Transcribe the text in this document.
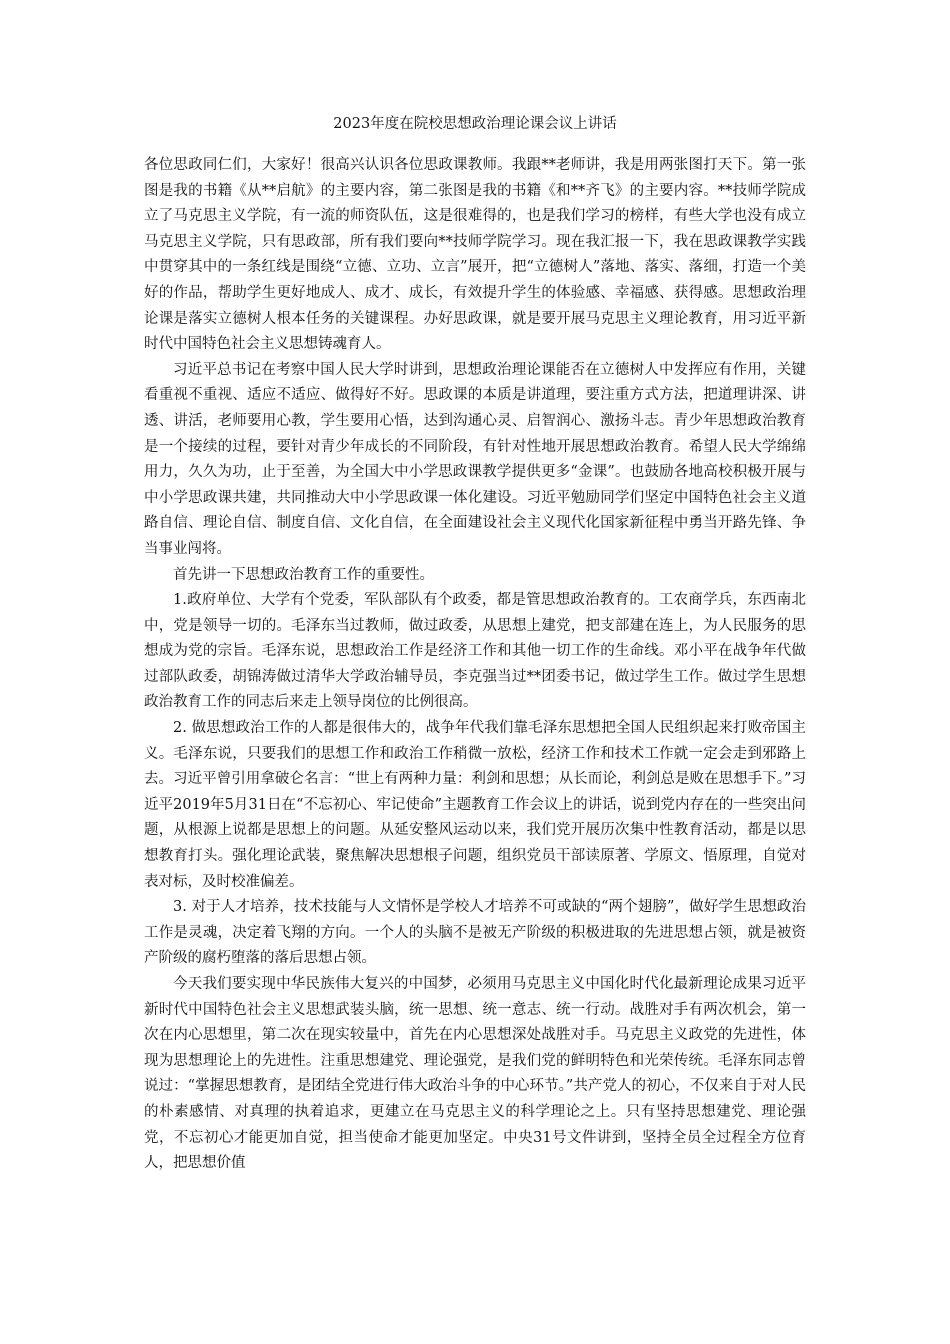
2023年度在院校思想政治理论课会议上讲话

各位思政同仁们，大家好！很高兴认识各位思政课教师。我跟**老师讲，我是用两张图打天下。第一张图是我的书籍《从**启航》的主要内容，第二张图是我的书籍《和**齐飞》的主要内容。**技师学院成立了马克思主义学院，有一流的师资队伍，这是很难得的，也是我们学习的榜样，有些大学也没有成立马克思主义学院，只有思政部，所有我们要向**技师学院学习。现在我汇报一下，我在思政课教学实践中贯穿其中的一条红线是围绕“立德、立功、立言”展开，把“立德树人”落地、落实、落细，打造一个美好的作品，帮助学生更好地成人、成才、成长，有效提升学生的体验感、幸福感、获得感。思想政治理论课是落实立德树人根本任务的关键课程。办好思政课，就是要开展马克思主义理论教育，用习近平新时代中国特色社会主义思想铸魂育人。

习近平总书记在考察中国人民大学时讲到，思想政治理论课能否在立德树人中发挥应有作用，关键看重视不重视、适应不适应、做得好不好。思政课的本质是讲道理，要注重方式方法，把道理讲深、讲透、讲活，老师要用心教，学生要用心悟，达到沟通心灵、启智润心、激扬斗志。青少年思想政治教育是一个接续的过程，要针对青少年成长的不同阶段，有针对性地开展思想政治教育。希望人民大学绵绵用力，久久为功，止于至善，为全国大中小学思政课教学提供更多“金课”。也鼓励各地高校积极开展与中小学思政课共建，共同推动大中小学思政课一体化建设。习近平勉励同学们坚定中国特色社会主义道路自信、理论自信、制度自信、文化自信，在全面建设社会主义现代化国家新征程中勇当开路先锋、争当事业闯将。

首先讲一下思想政治教育工作的重要性。

1.政府单位、大学有个党委，军队部队有个政委，都是管思想政治教育的。工农商学兵，东西南北中，党是领导一切的。毛泽东当过教师，做过政委，从思想上建党，把支部建在连上，为人民服务的思想成为党的宗旨。毛泽东说，思想政治工作是经济工作和其他一切工作的生命线。邓小平在战争年代做过部队政委，胡锦涛做过清华大学政治辅导员，李克强当过**团委书记，做过学生工作。做过学生思想政治教育工作的同志后来走上领导岗位的比例很高。

2. 做思想政治工作的人都是很伟大的，战争年代我们靠毛泽东思想把全国人民组织起来打败帝国主义。毛泽东说，只要我们的思想工作和政治工作稍微一放松，经济工作和技术工作就一定会走到邪路上去。习近平曾引用拿破仑名言：“世上有两种力量：利剑和思想；从长而论，利剑总是败在思想手下。”习近平2019年5月31日在“不忘初心、牢记使命”主题教育工作会议上的讲话，说到党内存在的一些突出问题，从根源上说都是思想上的问题。从延安整风运动以来，我们党开展历次集中性教育活动，都是以思想教育打头。强化理论武装，聚焦解决思想根子问题，组织党员干部读原著、学原文、悟原理，自觉对表对标，及时校准偏差。

3. 对于人才培养，技术技能与人文情怀是学校人才培养不可或缺的“两个翅膀”，做好学生思想政治工作是灵魂，决定着飞翔的方向。一个人的头脑不是被无产阶级的积极进取的先进思想占领，就是被资产阶级的腐朽堕落的落后思想占领。

今天我们要实现中华民族伟大复兴的中国梦，必须用马克思主义中国化时代化最新理论成果习近平新时代中国特色社会主义思想武装头脑，统一思想、统一意志、统一行动。战胜对手有两次机会，第一次在内心思想里，第二次在现实较量中，首先在内心思想深处战胜对手。马克思主义政党的先进性，体现为思想理论上的先进性。注重思想建党、理论强党，是我们党的鲜明特色和光荣传统。毛泽东同志曾说过：“掌握思想教育，是团结全党进行伟大政治斗争的中心环节。”共产党人的初心，不仅来自于对人民的朴素感情、对真理的执着追求，更建立在马克思主义的科学理论之上。只有坚持思想建党、理论强党，不忘初心才能更加自觉，担当使命才能更加坚定。中央31号文件讲到，坚持全员全过程全方位育人，把思想价值
